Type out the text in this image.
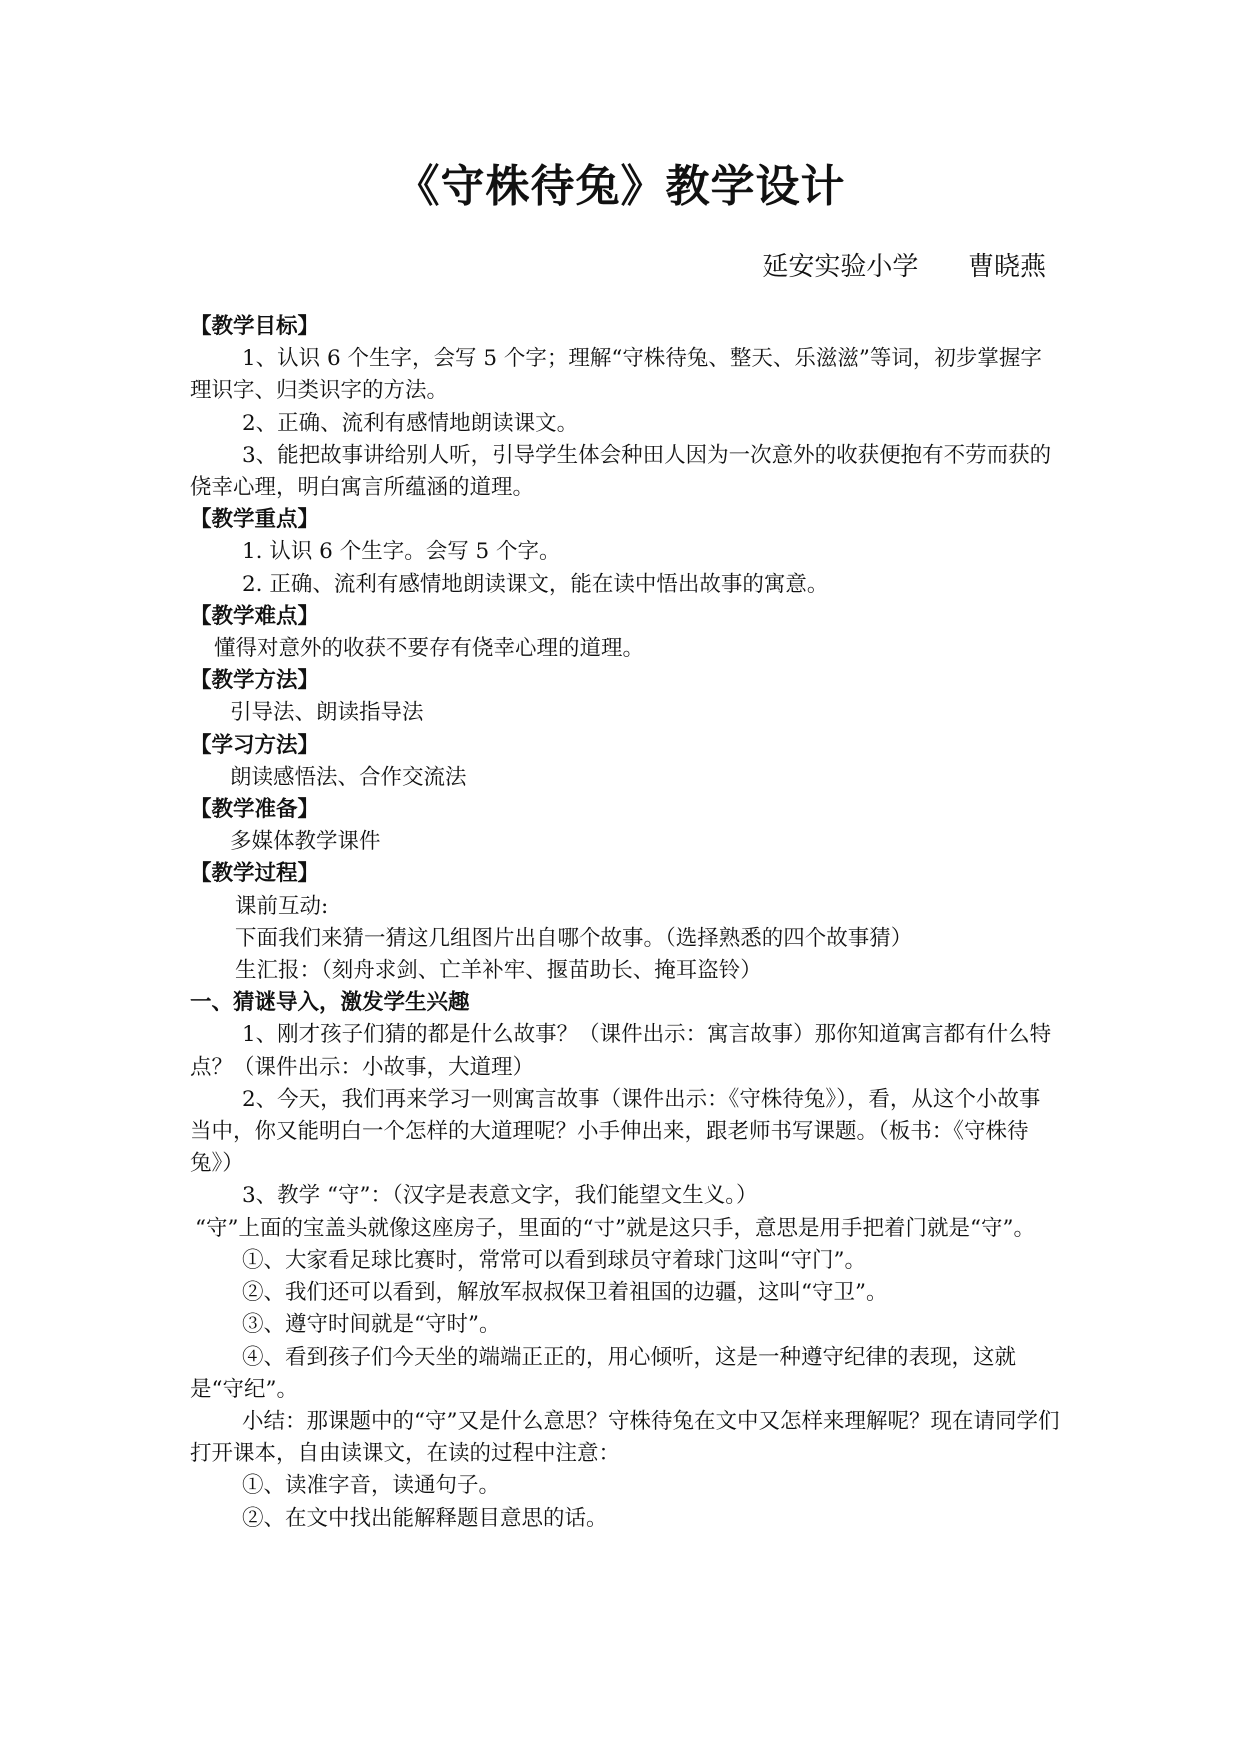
《守株待兔》教学设计
延安实验小学      曹晓燕

【教学目标】

1、认识 6 个生字，会写 5 个字；理解“守株待兔、整天、乐滋滋”等词，初步掌握字理识字、归类识字的方法。

2、正确、流利有感情地朗读课文。

3、能把故事讲给别人听，引导学生体会种田人因为一次意外的收获便抱有不劳而获的侥幸心理，明白寓言所蕴涵的道理。

【教学重点】

1. 认识 6 个生字。会写 5 个字。

2. 正确、流利有感情地朗读课文，能在读中悟出故事的寓意。

【教学难点】

懂得对意外的收获不要存有侥幸心理的道理。

【教学方法】

引导法、朗读指导法

【学习方法】

朗读感悟法、合作交流法

【教学准备】

多媒体教学课件

【教学过程】

课前互动:

下面我们来猜一猜这几组图片出自哪个故事。（选择熟悉的四个故事猜）

生汇报：（刻舟求剑、亡羊补牢、揠苗助长、掩耳盗铃）

一、猜谜导入，激发学生兴趣

1、刚才孩子们猜的都是什么故事？（课件出示：寓言故事）那你知道寓言都有什么特点？（课件出示：小故事，大道理）

2、今天，我们再来学习一则寓言故事（课件出示：《守株待兔》），看，从这个小故事当中，你又能明白一个怎样的大道理呢？小手伸出来，跟老师书写课题。（板书：《守株待兔》）

3、教学 “守”：（汉字是表意文字，我们能望文生义。）

“守”上面的宝盖头就像这座房子，里面的“寸”就是这只手，意思是用手把着门就是“守”。

①、大家看足球比赛时，常常可以看到球员守着球门这叫“守门”。

②、我们还可以看到，解放军叔叔保卫着祖国的边疆，这叫“守卫”。

③、遵守时间就是“守时”。

④、看到孩子们今天坐的端端正正的，用心倾听，这是一种遵守纪律的表现，这就是“守纪”。

小结：那课题中的“守”又是什么意思？守株待兔在文中又怎样来理解呢？现在请同学们打开课本，自由读课文，在读的过程中注意：

①、读准字音，读通句子。

②、在文中找出能解释题目意思的话。
